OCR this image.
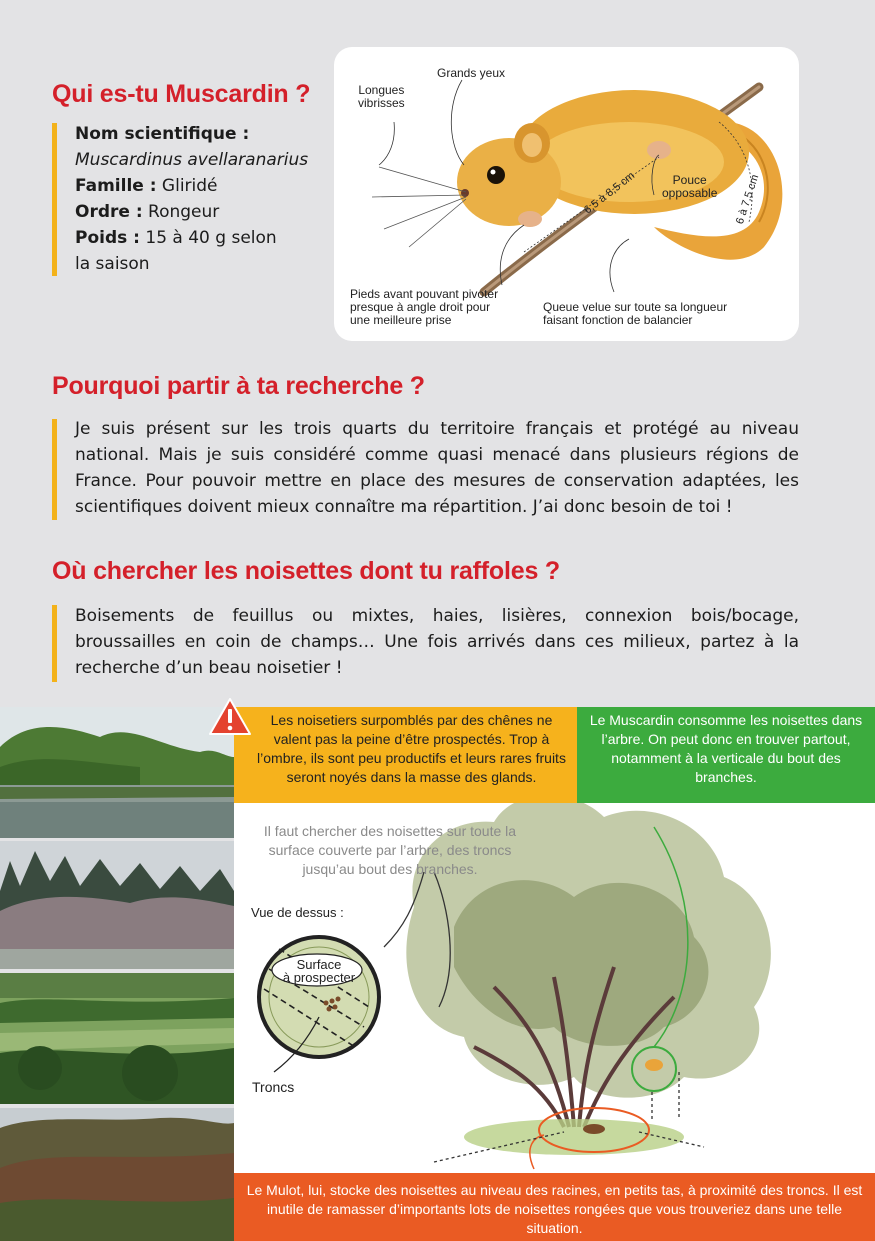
Qui es-tu Muscardin ?
Nom scientifique :
Muscardinus avellaranarius
Famille : Gliridé
Ordre : Rongeur
Poids : 15 à 40 g selon
la saison
Longues
vibrisses
Grands yeux
Pouce
opposable
6,5 à 8,5 cm	6 à 7,5 cm
Pieds avant pouvant pivoter
presque à angle droit pour
une meilleure prise
Queue velue sur toute sa longueur
faisant fonction de balancier
Pourquoi partir à ta recherche ?
Je suis présent sur les trois quarts du territoire français et protégé au niveau national. Mais je suis considéré comme quasi menacé dans plusieurs régions de France. Pour pouvoir mettre en place des mesures de conservation adaptées, les scientifiques doivent mieux connaître ma répartition. J’ai donc besoin de toi !
Où chercher les noisettes dont tu raffoles ?
Boisements de feuillus ou mixtes, haies, lisières, connexion bois/bocage, broussailles en coin de champs… Une fois arrivés dans ces milieux, partez à la recherche d’un beau noisetier !
Il faut chercher des noisettes sur toute la surface couverte par l’arbre, des troncs jusqu’au bout des branches.
Vue de dessus :
Surface
à prospecter
Troncs
Les noisetiers surpomblés par des chênes ne valent pas la peine d’être prospectés. Trop à l’ombre, ils sont peu productifs et leurs rares fruits seront noyés dans la masse des glands.
Le Muscardin consomme les noisettes dans l’arbre. On peut donc en trouver partout, notamment à la verticale du bout des branches.
Le Mulot, lui, stocke des noisettes au niveau des racines, en petits tas, à proximité des troncs. Il est inutile de ramasser d’importants lots de noisettes rongées que vous trouveriez dans une telle situation.
